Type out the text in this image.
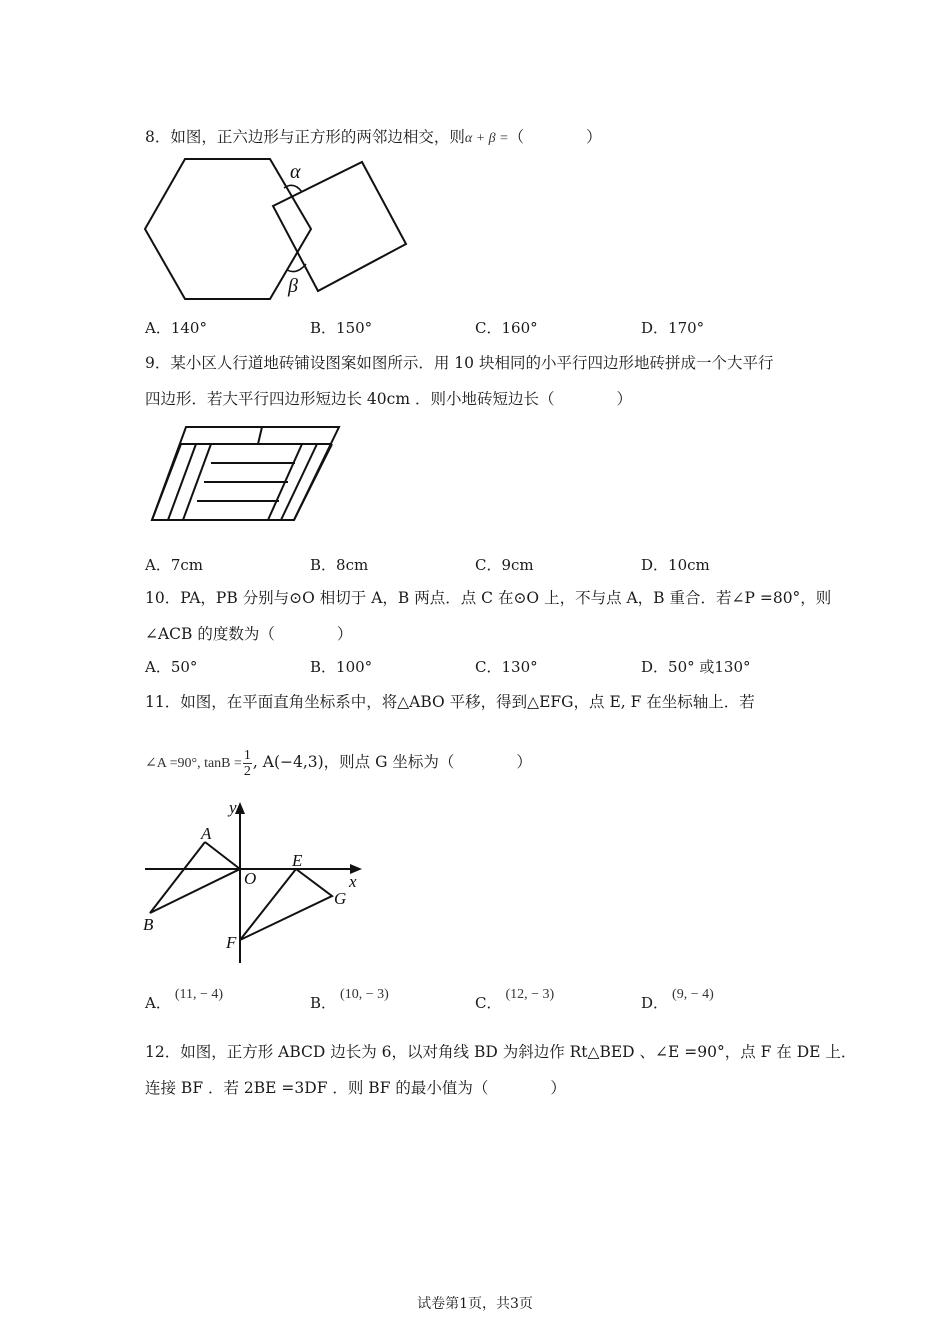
8．如图，正六边形与正方形的两邻边相交，则α + β =（　　　　）
α
β
A．140°	B．150°	C．160°	D．170°
9．某小区人行道地砖铺设图案如图所示．用 10 块相同的小平行四边形地砖拼成一个大平行
四边形．若大平行四边形短边长 40cm ．则小地砖短边长（　　　　）
A．7cm	B．8cm	C．9cm	D．10cm
10．PA，PB 分别与⊙O 相切于 A，B 两点．点 C 在⊙O 上，不与点 A，B 重合．若∠P =80°，则
∠ACB 的度数为（　　　　）
A．50°	B．100°	C．130°	D．50° 或130°
11．如图，在平面直角坐标系中，将△ABO 平移，得到△EFG，点 E, F 在坐标轴上．若
∠A =90°, $\tan B = \frac{1}{2}$ , A(−4,3)，则点 G 坐标为（　　　　）
y
x
A
O
E
G
B
F
A． (11, − 4)	B． (10, − 3)	C． (12, − 3)	D． (9, − 4)
12．如图，正方形 ABCD 边长为 6，以对角线 BD 为斜边作 Rt△BED 、∠E =90°，点 F 在 DE 上．
连接 BF ．若 2BE =3DF ．则 BF 的最小值为（　　　　）
试卷第1页，共3页
